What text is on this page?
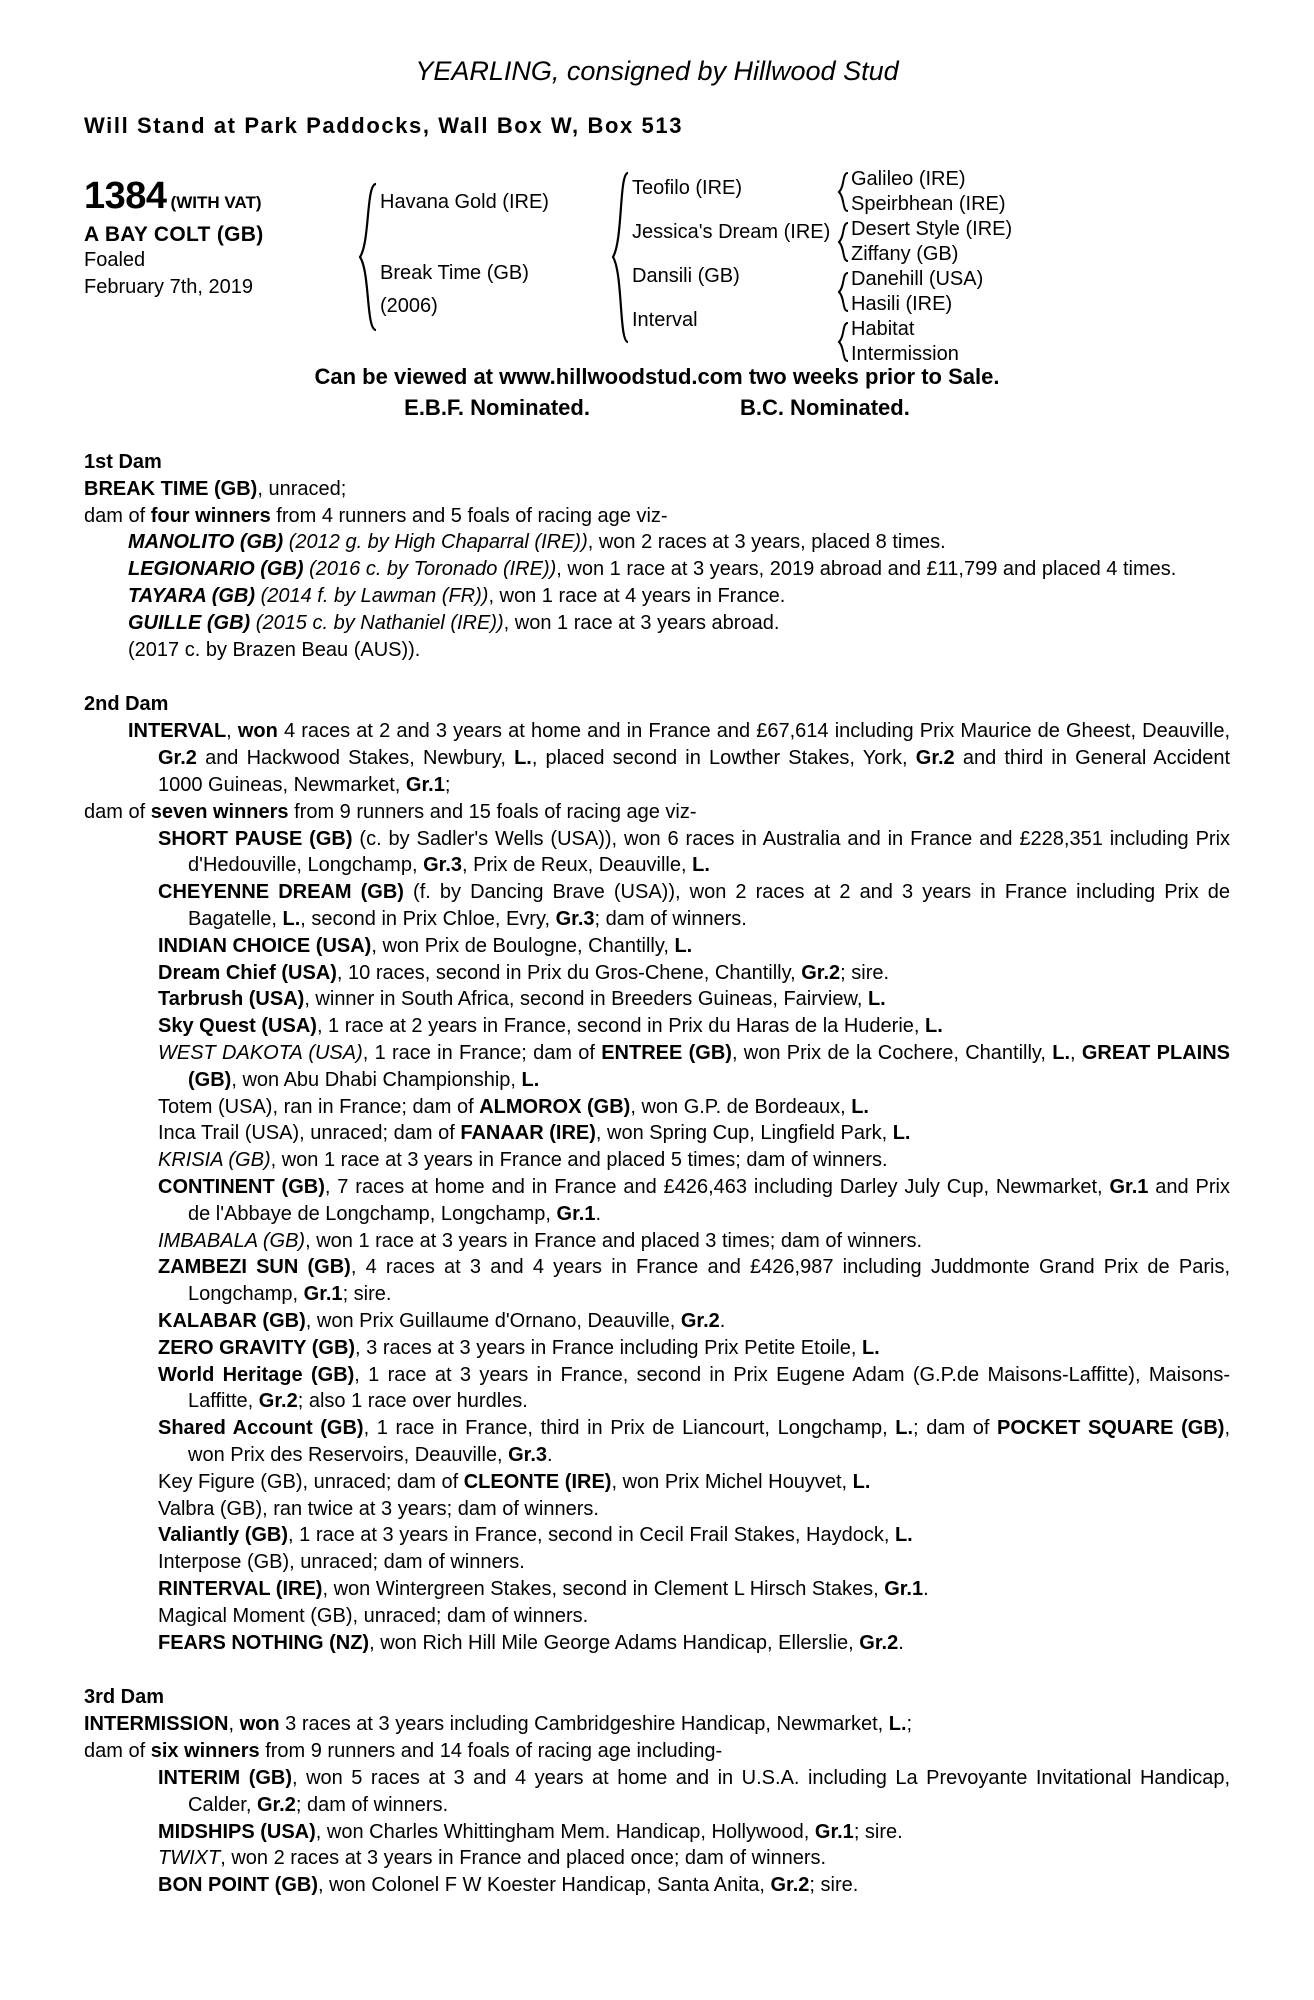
YEARLING, consigned by Hillwood Stud
Will Stand at Park Paddocks, Wall Box W, Box 513
1384 (WITH VAT)
A BAY COLT (GB)
Foaled
February 7th, 2019
Havana Gold (IRE)
Break Time (GB)
(2006)
Teofilo (IRE)
Jessica's Dream (IRE)
Dansili (GB)
Interval
Galileo (IRE)
Speirbhean (IRE)
Desert Style (IRE)
Ziffany (GB)
Danehill (USA)
Hasili (IRE)
Habitat
Intermission
Can be viewed at www.hillwoodstud.com two weeks prior to Sale.
E.B.F. Nominated.	B.C. Nominated.
1st Dam
BREAK TIME (GB), unraced;
dam of four winners from 4 runners and 5 foals of racing age viz-
MANOLITO (GB) (2012 g. by High Chaparral (IRE)), won 2 races at 3 years, placed 8 times.
LEGIONARIO (GB) (2016 c. by Toronado (IRE)), won 1 race at 3 years, 2019 abroad and £11,799 and placed 4 times.
TAYARA (GB) (2014 f. by Lawman (FR)), won 1 race at 4 years in France.
GUILLE (GB) (2015 c. by Nathaniel (IRE)), won 1 race at 3 years abroad.
(2017 c. by Brazen Beau (AUS)).
2nd Dam
INTERVAL, won 4 races at 2 and 3 years at home and in France and £67,614 including Prix Maurice de Gheest, Deauville, Gr.2 and Hackwood Stakes, Newbury, L., placed second in Lowther Stakes, York, Gr.2 and third in General Accident 1000 Guineas, Newmarket, Gr.1;
dam of seven winners from 9 runners and 15 foals of racing age viz-
SHORT PAUSE (GB) (c. by Sadler's Wells (USA)), won 6 races in Australia and in France and £228,351 including Prix d'Hedouville, Longchamp, Gr.3, Prix de Reux, Deauville, L.
CHEYENNE DREAM (GB) (f. by Dancing Brave (USA)), won 2 races at 2 and 3 years in France including Prix de Bagatelle, L., second in Prix Chloe, Evry, Gr.3; dam of winners.
INDIAN CHOICE (USA), won Prix de Boulogne, Chantilly, L.
Dream Chief (USA), 10 races, second in Prix du Gros-Chene, Chantilly, Gr.2; sire.
Tarbrush (USA), winner in South Africa, second in Breeders Guineas, Fairview, L.
Sky Quest (USA), 1 race at 2 years in France, second in Prix du Haras de la Huderie, L.
WEST DAKOTA (USA), 1 race in France; dam of ENTREE (GB), won Prix de la Cochere, Chantilly, L., GREAT PLAINS (GB), won Abu Dhabi Championship, L.
Totem (USA), ran in France; dam of ALMOROX (GB), won G.P. de Bordeaux, L.
Inca Trail (USA), unraced; dam of FANAAR (IRE), won Spring Cup, Lingfield Park, L.
KRISIA (GB), won 1 race at 3 years in France and placed 5 times; dam of winners.
CONTINENT (GB), 7 races at home and in France and £426,463 including Darley July Cup, Newmarket, Gr.1 and Prix de l'Abbaye de Longchamp, Longchamp, Gr.1.
IMBABALA (GB), won 1 race at 3 years in France and placed 3 times; dam of winners.
ZAMBEZI SUN (GB), 4 races at 3 and 4 years in France and £426,987 including Juddmonte Grand Prix de Paris, Longchamp, Gr.1; sire.
KALABAR (GB), won Prix Guillaume d'Ornano, Deauville, Gr.2.
ZERO GRAVITY (GB), 3 races at 3 years in France including Prix Petite Etoile, L.
World Heritage (GB), 1 race at 3 years in France, second in Prix Eugene Adam (G.P.de Maisons-Laffitte), Maisons-Laffitte, Gr.2; also 1 race over hurdles.
Shared Account (GB), 1 race in France, third in Prix de Liancourt, Longchamp, L.; dam of POCKET SQUARE (GB), won Prix des Reservoirs, Deauville, Gr.3.
Key Figure (GB), unraced; dam of CLEONTE (IRE), won Prix Michel Houyvet, L.
Valbra (GB), ran twice at 3 years; dam of winners.
Valiantly (GB), 1 race at 3 years in France, second in Cecil Frail Stakes, Haydock, L.
Interpose (GB), unraced; dam of winners.
RINTERVAL (IRE), won Wintergreen Stakes, second in Clement L Hirsch Stakes, Gr.1.
Magical Moment (GB), unraced; dam of winners.
FEARS NOTHING (NZ), won Rich Hill Mile George Adams Handicap, Ellerslie, Gr.2.
3rd Dam
INTERMISSION, won 3 races at 3 years including Cambridgeshire Handicap, Newmarket, L.;
dam of six winners from 9 runners and 14 foals of racing age including-
INTERIM (GB), won 5 races at 3 and 4 years at home and in U.S.A. including La Prevoyante Invitational Handicap, Calder, Gr.2; dam of winners.
MIDSHIPS (USA), won Charles Whittingham Mem. Handicap, Hollywood, Gr.1; sire.
TWIXT, won 2 races at 3 years in France and placed once; dam of winners.
BON POINT (GB), won Colonel F W Koester Handicap, Santa Anita, Gr.2; sire.
